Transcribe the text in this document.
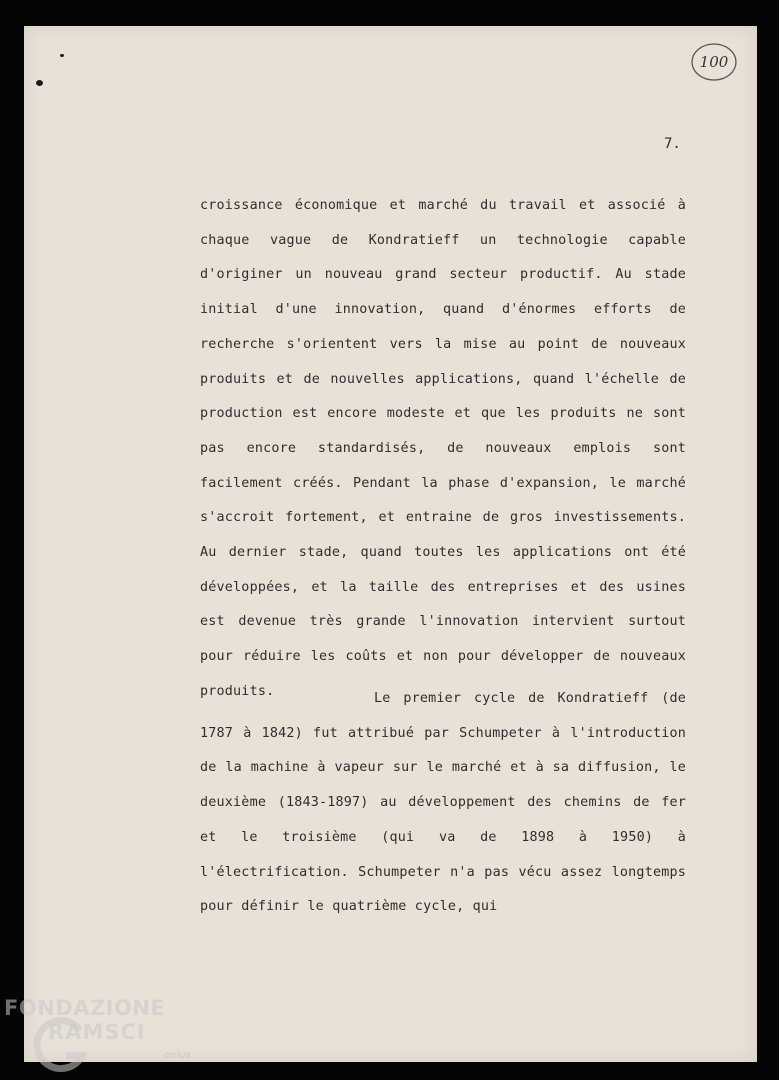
100
7.

croissance économique et marché du travail et associé à chaque vague de Kondratieff un technologie capable d'originer un nouveau grand secteur productif. Au stade initial d'une innovation, quand d'énormes efforts de recherche s'orientent vers la mise au point de nouveaux produits et de nouvelles applications, quand l'échelle de production est encore modeste et que les produits ne sont pas encore standardisés, de nouveaux emplois sont facilement créés. Pendant la phase d'expansion, le marché s'accroit fortement, et entraine de gros investissements. Au dernier stade, quand toutes les applications ont été développées, et la taille des entreprises et des usines est devenue très grande l'innovation intervient surtout pour réduire les coûts et non pour développer de nouveaux produits.	Le premier cycle de Kondratieff (de 1787 à 1842) fut attribué par Schumpeter à l'introduction de la machine à vapeur sur le marché et à sa diffusion, le deuxième (1843-1897) au développement des chemins de fer et le troisième (qui va de 1898 à 1950) à l'électrification. Schumpeter n'a pas vécu assez longtemps pour définir le quatrième cycle, qui

FONDAZIONE
RAMSCI
onlus
